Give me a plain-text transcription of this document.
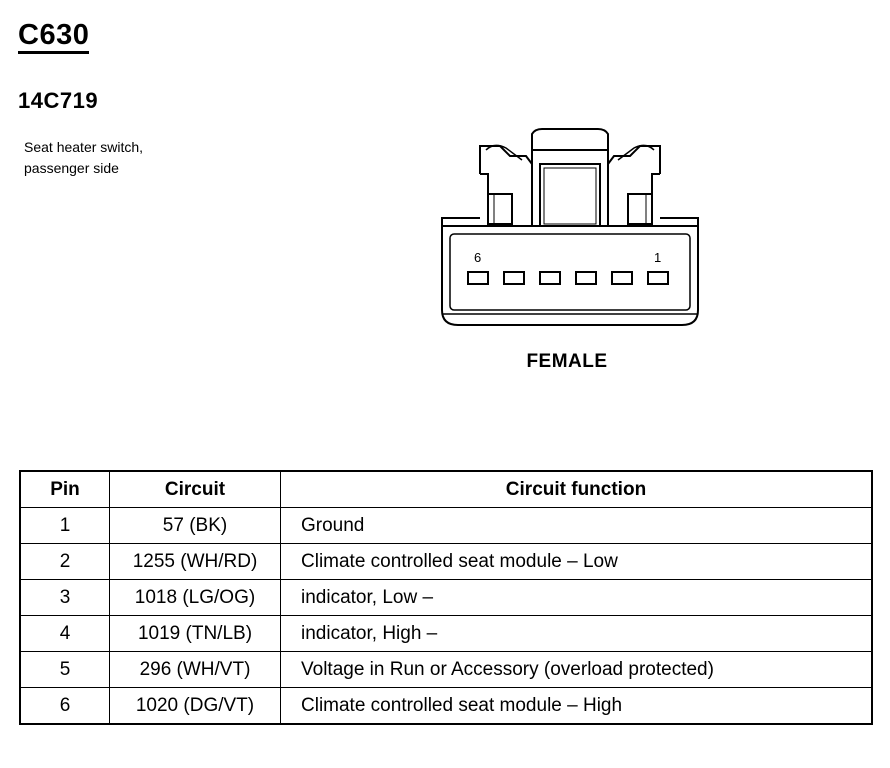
C630
14C719
Seat heater switch,
passenger side
6	1
FEMALE
Pin	Circuit	Circuit function
1	57 (BK)	Ground
2	1255 (WH/RD)	Climate controlled seat module – Low
3	1018 (LG/OG)	indicator, Low –
4	1019 (TN/LB)	indicator, High –
5	296 (WH/VT)	Voltage in Run or Accessory (overload protected)
6	1020 (DG/VT)	Climate controlled seat module – High
